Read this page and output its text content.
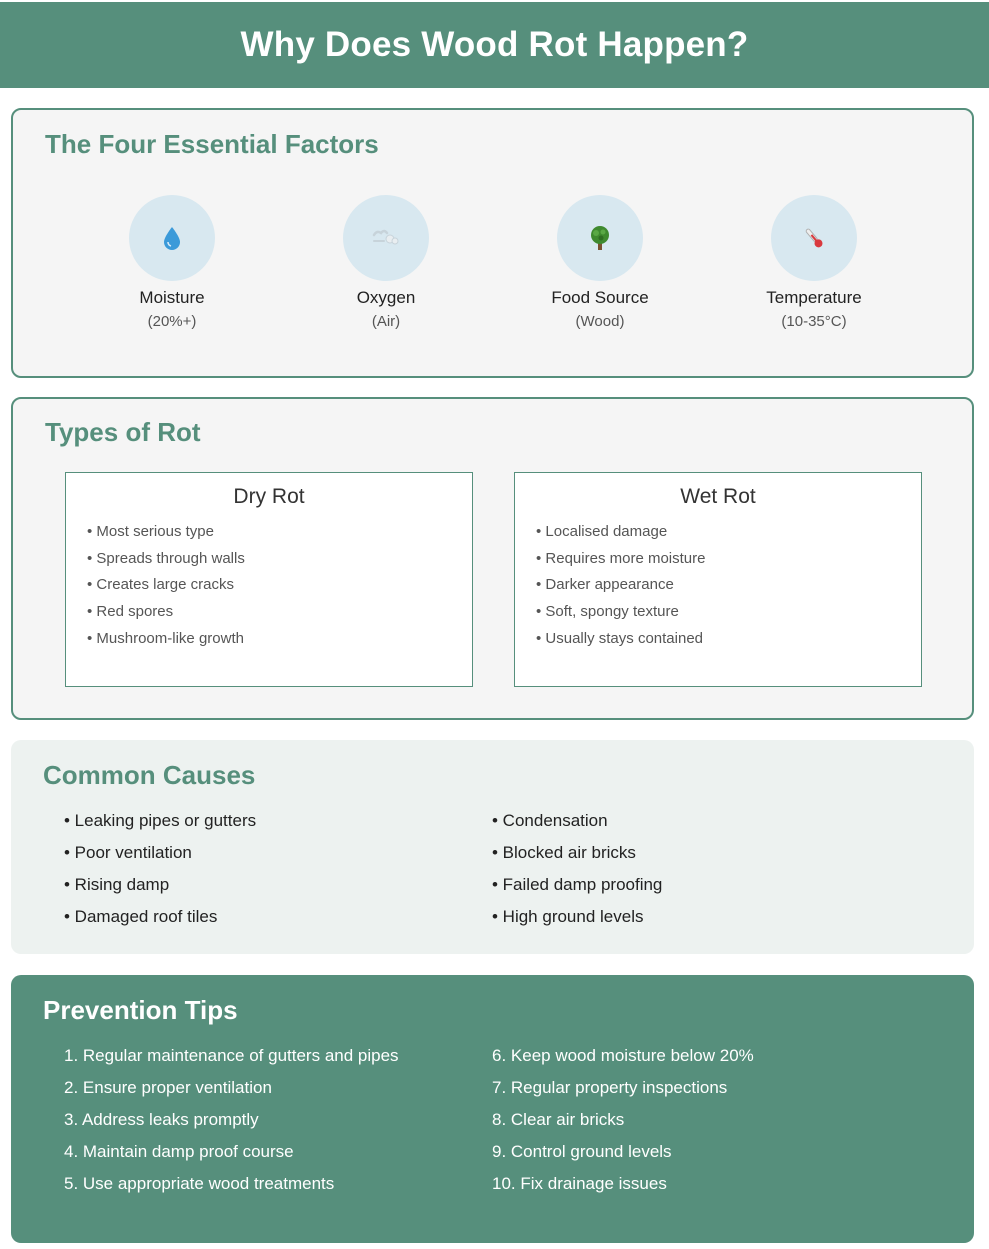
Why Does Wood Rot Happen?
The Four Essential Factors
Moisture
(20%+)
Oxygen
(Air)
Food Source
(Wood)
Temperature
(10-35°C)
Types of Rot
Dry Rot
• Most serious type
• Spreads through walls
• Creates large cracks
• Red spores
• Mushroom-like growth
Wet Rot
• Localised damage
• Requires more moisture
• Darker appearance
• Soft, spongy texture
• Usually stays contained
Common Causes
• Leaking pipes or gutters
• Poor ventilation
• Rising damp
• Damaged roof tiles
• Condensation
• Blocked air bricks
• Failed damp proofing
• High ground levels
Prevention Tips
1. Regular maintenance of gutters and pipes
2. Ensure proper ventilation
3. Address leaks promptly
4. Maintain damp proof course
5. Use appropriate wood treatments
6. Keep wood moisture below 20%
7. Regular property inspections
8. Clear air bricks
9. Control ground levels
10. Fix drainage issues
